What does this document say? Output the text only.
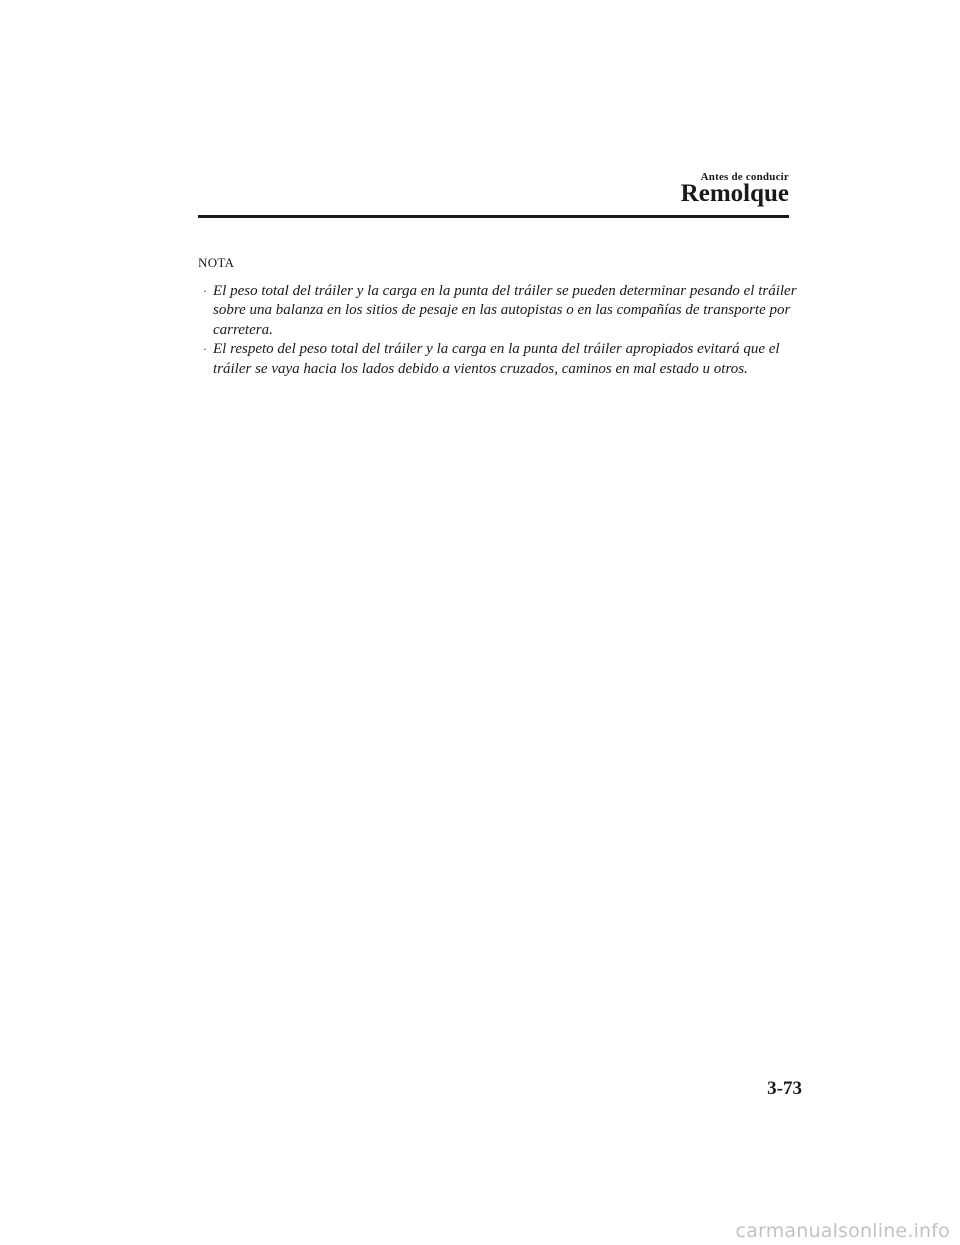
Antes de conducir
Remolque
NOTA
· El peso total del tráiler y la carga en la punta del tráiler se pueden determinar pesando el tráiler sobre una balanza en los sitios de pesaje en las autopistas o en las compañías de transporte por carretera.
· El respeto del peso total del tráiler y la carga en la punta del tráiler apropiados evitará que el tráiler se vaya hacia los lados debido a vientos cruzados, caminos en mal estado u otros.
3-73
carmanualsonline.info
